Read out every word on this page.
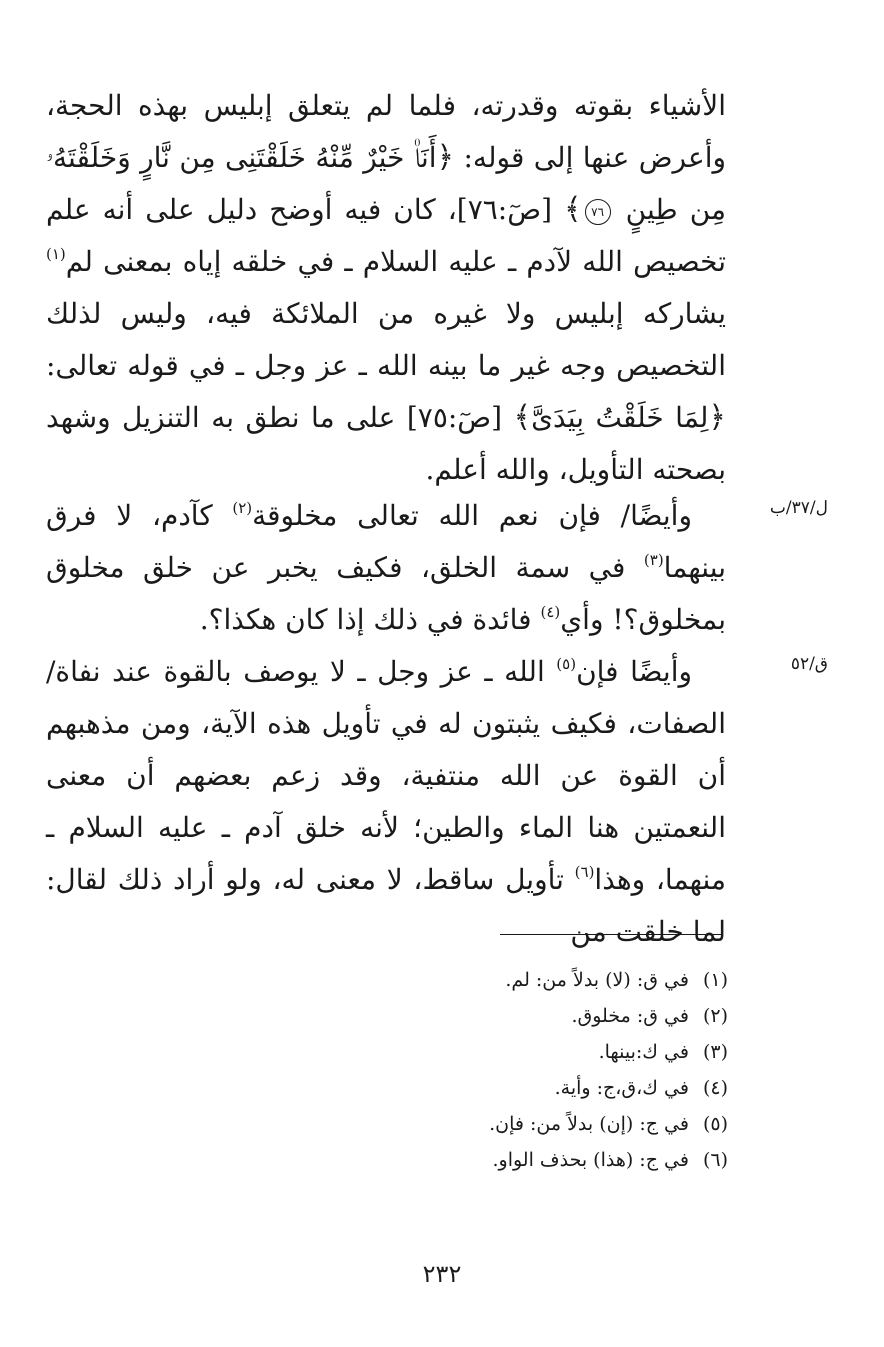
الأشياء بقوته وقدرته، فلما لم يتعلق إبليس بهذه الحجة، وأعرض عنها إلى قوله: ﴿أَنَا۠ خَيْرٌ مِّنْهُ خَلَقْتَنِى مِن نَّارٍ وَخَلَقْتَهُۥ مِن طِينٍ ٧٦﴾ [صٓ:٧٦]، كان فيه أوضح دليل على أنه علم تخصيص الله لآدم ـ عليه السلام ـ في خلقه إياه بمعنى لم$^{(١)}$ يشاركه إبليس ولا غيره من الملائكة فيه، وليس لذلك التخصيص وجه غير ما بينه الله ـ عز وجل ـ في قوله تعالى: ﴿لِمَا خَلَقْتُ بِيَدَىَّ﴾ [صٓ:٧٥] على ما نطق به التنزيل وشهد بصحته التأويل، والله أعلم.

وأيضًا/ فإن نعم الله تعالى مخلوقة$^{(٢)}$ كآدم، لا فرق بينهما$^{(٣)}$ في سمة الخلق، فكيف يخبر عن خلق مخلوق بمخلوق؟! وأي$^{(٤)}$ فائدة في ذلك إذا كان هكذا؟.

وأيضًا فإن$^{(٥)}$ الله ـ عز وجل ـ لا يوصف بالقوة عند نفاة/ الصفات، فكيف يثبتون له في تأويل هذه الآية، ومن مذهبهم أن القوة عن الله منتفية، وقد زعم بعضهم أن معنى النعمتين هنا الماء والطين؛ لأنه خلق آدم ـ عليه السلام ـ منهما، وهذا$^{(٦)}$ تأويل ساقط، لا معنى له، ولو أراد ذلك لقال: لما خلقت من

ل/٣٧/ب
ق/٥٢
(١)في ق: (لا) بدلاً من: لم.
(٢)في ق: مخلوق.
(٣)في ك:بينها.
(٤)في ك،ق،ج: وأية.
(٥)في ج: (إن) بدلاً من: فإن.
(٦)في ج: (هذا) بحذف الواو.
٢٣٢
